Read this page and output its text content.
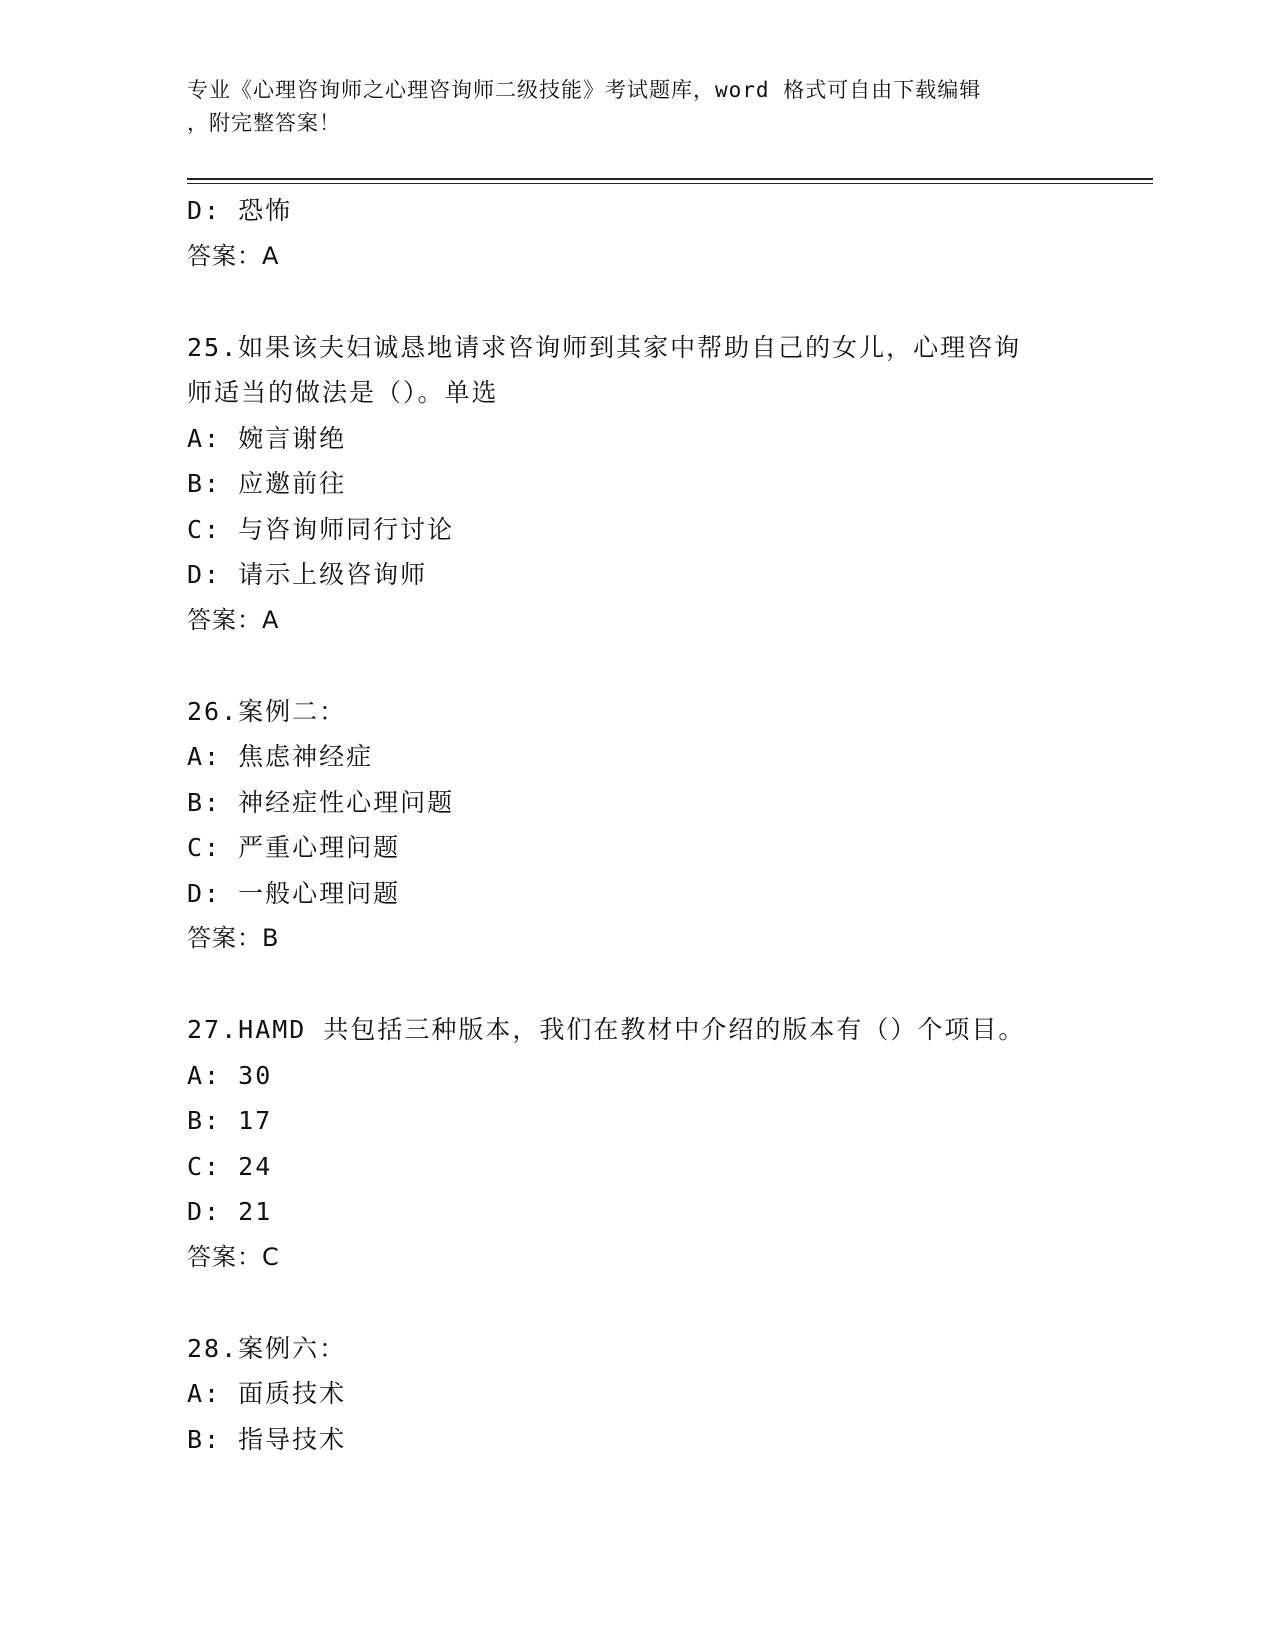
专业《心理咨询师之心理咨询师二级技能》考试题库，word 格式可自由下载编辑
，附完整答案！
D: 恐怖
答案：A
25.如果该夫妇诚恳地请求咨询师到其家中帮助自己的女儿，心理咨询
师适当的做法是（）。单选
A: 婉言谢绝
B: 应邀前往
C: 与咨询师同行讨论
D: 请示上级咨询师
答案：A
26.案例二：
A: 焦虑神经症
B: 神经症性心理问题
C: 严重心理问题
D: 一般心理问题
答案：B
27.HAMD 共包括三种版本，我们在教材中介绍的版本有（）个项目。
A: 30
B: 17
C: 24
D: 21
答案：C
28.案例六：
A: 面质技术
B: 指导技术
